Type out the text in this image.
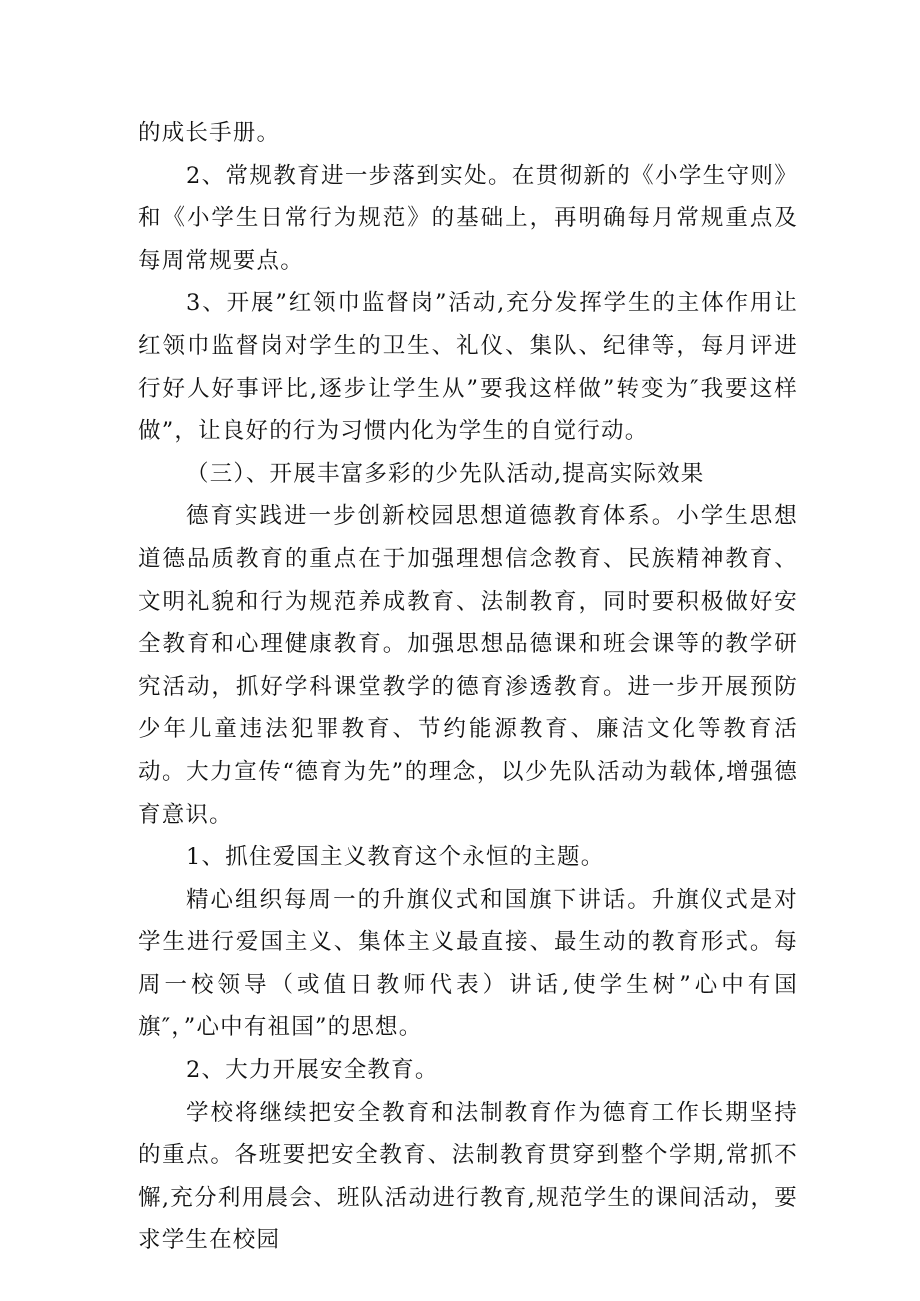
的成长手册。

2、常规教育进一步落到实处。在贯彻新的《小学生守则》和《小学生日常行为规范》的基础上，再明确每月常规重点及每周常规要点。

3、开展”红领巾监督岗”活动,充分发挥学生的主体作用让红领巾监督岗对学生的卫生、礼仪、集队、纪律等，每月评进行好人好事评比,逐步让学生从”要我这样做”转变为″我要这样做”，让良好的行为习惯内化为学生的自觉行动。

（三）、开展丰富多彩的少先队活动,提高实际效果

德育实践进一步创新校园思想道德教育体系。小学生思想道德品质教育的重点在于加强理想信念教育、民族精神教育、文明礼貌和行为规范养成教育、法制教育，同时要积极做好安全教育和心理健康教育。加强思想品德课和班会课等的教学研究活动，抓好学科课堂教学的德育渗透教育。进一步开展预防少年儿童违法犯罪教育、节约能源教育、廉洁文化等教育活动。大力宣传“德育为先”的理念，以少先队活动为载体,增强德育意识。

1、抓住爱国主义教育这个永恒的主题。

精心组织每周一的升旗仪式和国旗下讲话。升旗仪式是对学生进行爱国主义、集体主义最直接、最生动的教育形式。每周一校领导（或值日教师代表）讲话,使学生树”心中有国旗″，”心中有祖国”的思想。

2、大力开展安全教育。

学校将继续把安全教育和法制教育作为德育工作长期坚持的重点。各班要把安全教育、法制教育贯穿到整个学期,常抓不懈,充分利用晨会、班队活动进行教育,规范学生的课间活动，要求学生在校园
